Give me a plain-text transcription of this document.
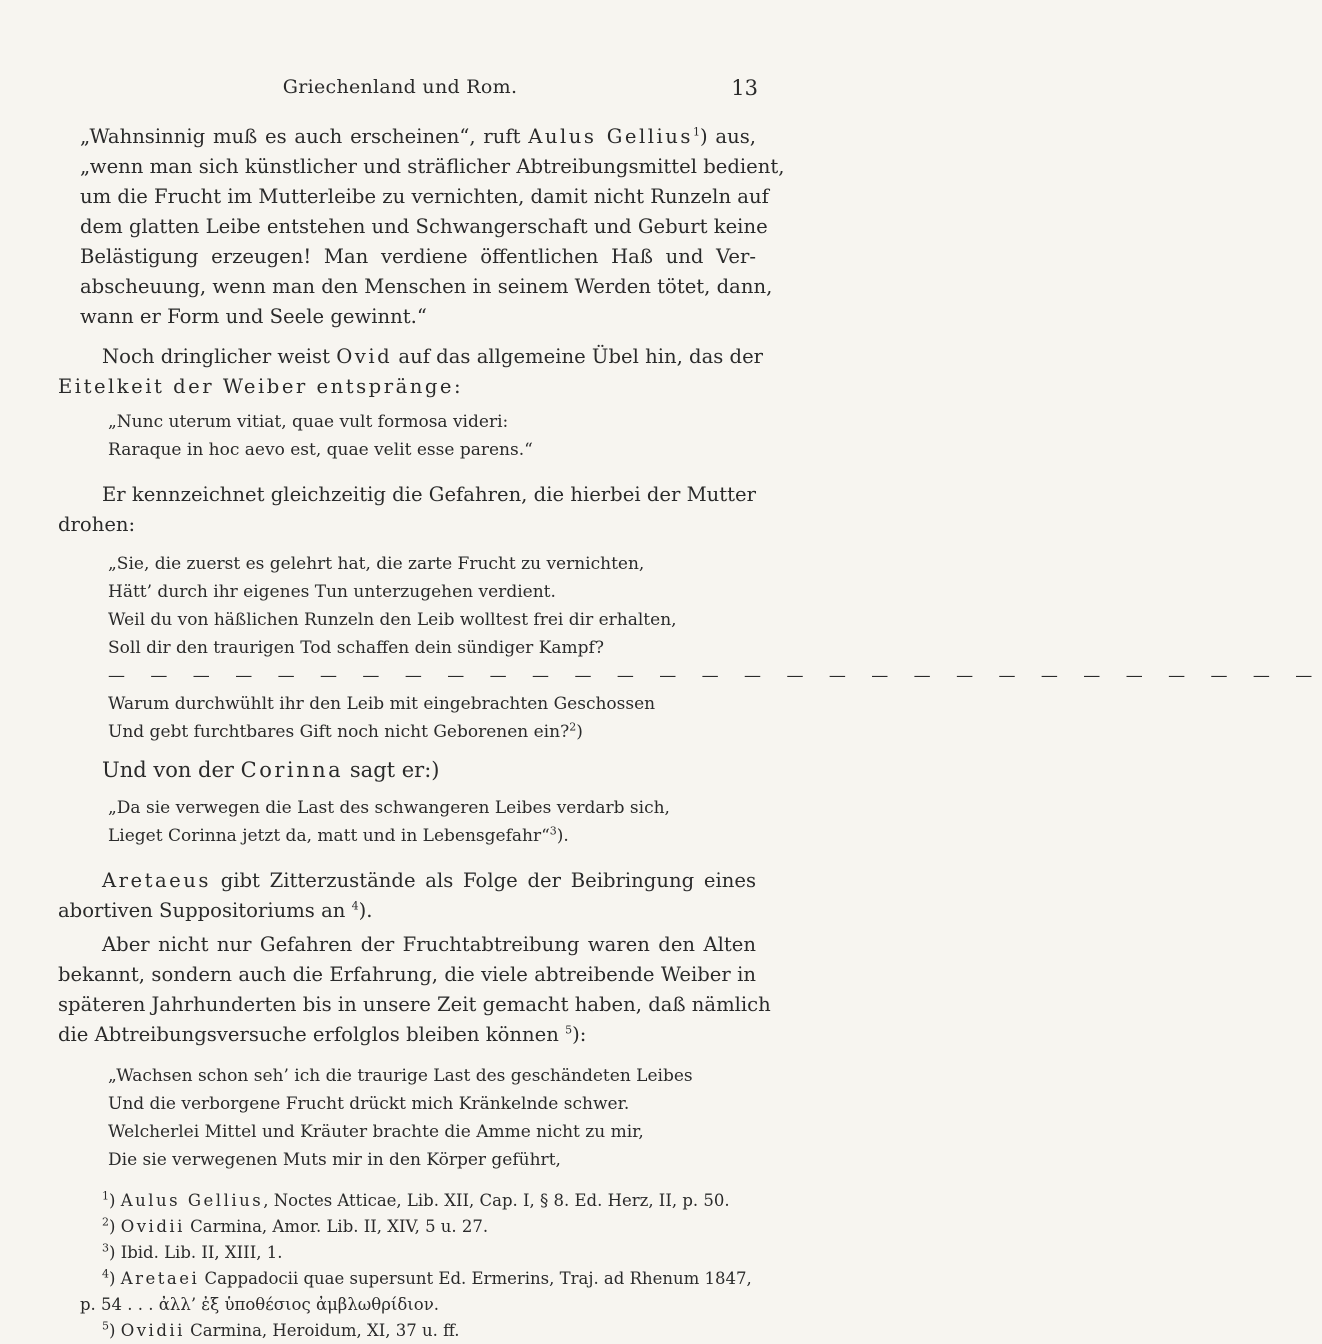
Griechenland und Rom.	13

„Wahnsinnig muß es auch erscheinen“, ruft Aulus Gellius$^1$) aus,
„wenn man sich künstlicher und sträflicher Abtreibungsmittel bedient,
um die Frucht im Mutterleibe zu vernichten, damit nicht Runzeln auf
dem glatten Leibe entstehen und Schwangerschaft und Geburt keine
Belästigung erzeugen! Man verdiene öffentlichen Haß und Ver-
abscheuung, wenn man den Menschen in seinem Werden tötet, dann,
wann er Form und Seele gewinnt.“

Noch dringlicher weist Ovid auf das allgemeine Übel hin, das der
Eitelkeit der Weiber entspränge:

„Nunc uterum vitiat, quae vult formosa videri:
Raraque in hoc aevo est, quae velit esse parens.“

Er kennzeichnet gleichzeitig die Gefahren, die hierbei der Mutter
drohen:

„Sie, die zuerst es gelehrt hat, die zarte Frucht zu vernichten,
Hätt’ durch ihr eigenes Tun unterzugehen verdient.
Weil du von häßlichen Runzeln den Leib wolltest frei dir erhalten,
Soll dir den traurigen Tod schaffen dein sündiger Kampf?
— — — — — — — — — — — — — — — — — — — — — — — — — — — — —
Warum durchwühlt ihr den Leib mit eingebrachten Geschossen
Und gebt furchtbares Gift noch nicht Geborenen ein?$^2$)

Und von der Corinna sagt er:)

„Da sie verwegen die Last des schwangeren Leibes verdarb sich,
Lieget Corinna jetzt da, matt und in Lebensgefahr“$^3$).

Aretaeus gibt Zitterzustände als Folge der Beibringung eines
abortiven Suppositoriums an $^4$).

Aber nicht nur Gefahren der Fruchtabtreibung waren den Alten
bekannt, sondern auch die Erfahrung, die viele abtreibende Weiber in
späteren Jahrhunderten bis in unsere Zeit gemacht haben, daß nämlich
die Abtreibungsversuche erfolglos bleiben können $^5$):

„Wachsen schon seh’ ich die traurige Last des geschändeten Leibes
Und die verborgene Frucht drückt mich Kränkelnde schwer.
Welcherlei Mittel und Kräuter brachte die Amme nicht zu mir,
Die sie verwegenen Muts mir in den Körper geführt,
$^1$) Aulus Gellius, Noctes Atticae, Lib. XII, Cap. I, § 8. Ed. Herz, II, p. 50.
$^2$) Ovidii Carmina, Amor. Lib. II, XIV, 5 u. 27.
$^3$) Ibid. Lib. II, XIII, 1.
$^4$) Aretaei Cappadocii quae supersunt Ed. Ermerins, Traj. ad Rhenum 1847,
p. 54 . . . ἀλλ’ ἐξ ὑποθέσιος ἀμβλωθρίδιον.
$^5$) Ovidii Carmina, Heroidum, XI, 37 u. ff.
